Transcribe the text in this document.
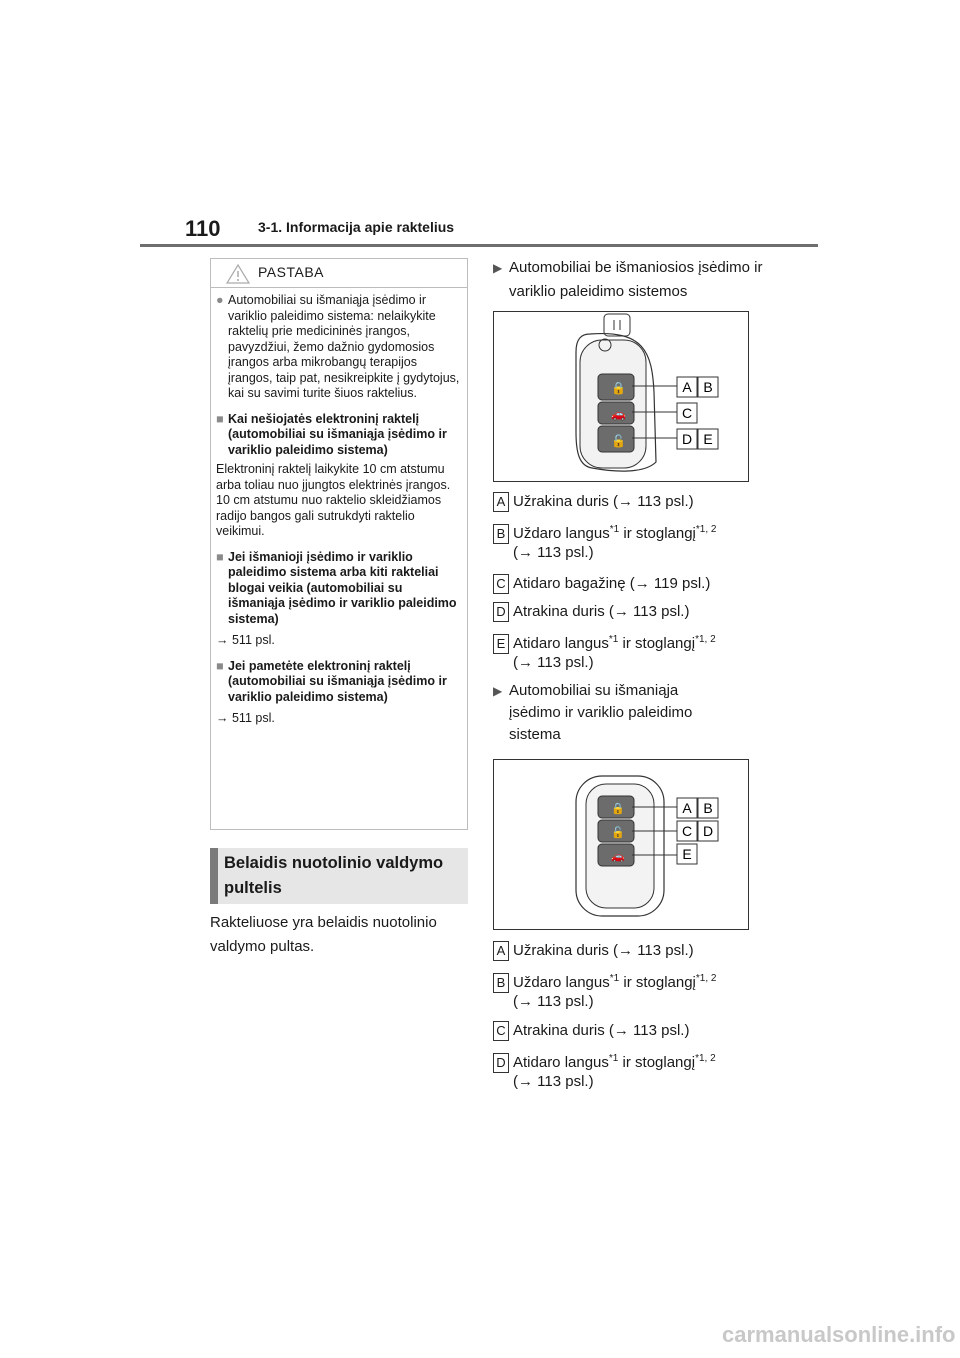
110	3-1. Informacija apie raktelius
PASTABA
● Automobiliai su išmaniąja įsėdimo ir variklio paleidimo sistema: nelaikykite raktelių prie medicininės įrangos, pavyzdžiui, žemo dažnio gydomosios įrangos arba mikrobangų terapijos įrangos, taip pat, nesikreipkite į gydytojus, kai su savimi turite šiuos raktelius.

■ Kai nešiojatės elektroninį raktelį (automobiliai su išmaniąja įsėdimo ir variklio paleidimo sistema)

Elektroninį raktelį laikykite 10 cm atstumu arba toliau nuo įjungtos elektrinės įrangos. 10 cm atstumu nuo raktelio skleidžiamos radijo bangos gali sutrukdyti raktelio veikimui.

■ Jei išmanioji įsėdimo ir variklio paleidimo sistema arba kiti rakteliai blogai veikia (automobiliai su išmaniąja įsėdimo ir variklio paleidimo sistema)

→ 511 psl.

■ Jei pametėte elektroninį raktelį (automobiliai su išmaniąja įsėdimo ir variklio paleidimo sistema)

→ 511 psl.

Belaidis nuotolinio valdymo pultelis
Rakteliuose yra belaidis nuotolinio valdymo pultas.
▶ Automobiliai be išmaniosios įsėdimo ir variklio paleidimo sistemos
🔒
🚗
🔓
A B
C
D E
A Užrakina duris (→ 113 psl.)
B Uždaro langus$^{*1}$ ir stoglangį$^{*1, 2}$
(→ 113 psl.)
C Atidaro bagažinę (→ 119 psl.)
D Atrakina duris (→ 113 psl.)
E Atidaro langus$^{*1}$ ir stoglangį$^{*1, 2}$
(→ 113 psl.)
▶ Automobiliai su išmaniąja įsėdimo ir variklio paleidimo sistema
🔒
🔓
🚗
A B
C D
E
A Užrakina duris (→ 113 psl.)
B Uždaro langus$^{*1}$ ir stoglangį$^{*1, 2}$
(→ 113 psl.)
C Atrakina duris (→ 113 psl.)
D Atidaro langus$^{*1}$ ir stoglangį$^{*1, 2}$
(→ 113 psl.)
carmanualsonline.info
